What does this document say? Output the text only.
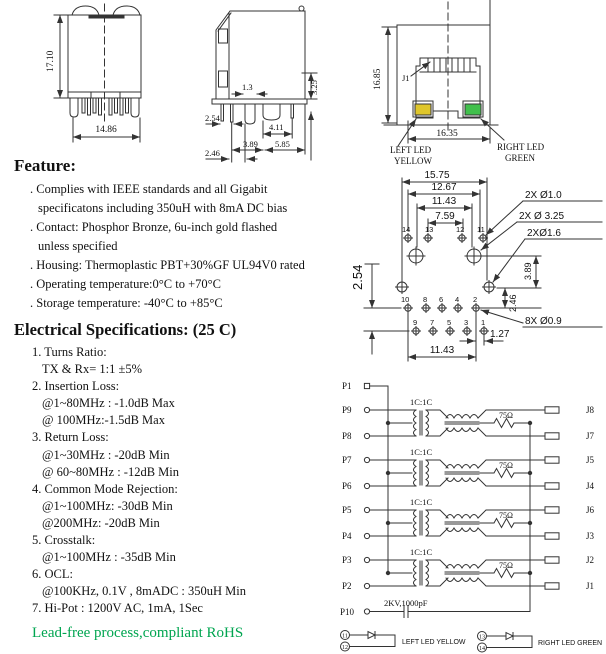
17.10
14.86
2.54
2.46
1.3	3.25
4.11
3.89 5.85
16.85
16.35
J1
LEFT LED
YELLOW
RIGHT LED
GREEN
Feature:
. Complies with IEEE standards and all Gigabit
specificatons including 350uH with 8mA DC bias
. Contact: Phosphor Bronze, 6u-inch gold flashed
unless specified
. Housing: Thermoplastic PBT+30%GF UL94V0 rated
. Operating temperature:0°C to +70°C
. Storage temperature: -40°C to +85°C
Electrical Specifications: (25 C)
1. Turns Ratio:
TX & Rx= 1:1 ±5%
2. Insertion Loss:
@1~80MHz : -1.0dB Max
@ 100MHz:-1.5dB Max
3. Return Loss:
@1~30MHz : -20dB Min
@ 60~80MHz : -12dB Min
4. Common Mode Rejection:
@1~100MHz: -30dB Min
@200MHz: -20dB Min
5. Crosstalk:
@1~100MHz : -35dB Min
6. OCL:
@100KHz, 0.1V , 8mADC : 350uH Min
7. Hi-Pot : 1200V AC, 1mA, 1Sec
Lead-free process,compliant RoHS
15.75
12.67
11.43
7.59
2X Ø1.0
2X Ø 3.25
2XØ1.6
8X Ø0.9
3.89
2.46
2.54
1.27
11.43
14 13	12 11
10 8 6 4 2
9 7 5 3 1
P1
P9
P8
P7
P6
P5
P4
P3
P2
P10
J8
J7
J5
J4
J6
J3
J2
J1
1C:1C
1C:1C
1C:1C
1C:1C
75Ω
75Ω
75Ω
75Ω
2KV,1000pF
11
12
13
14
LEFT LED YELLOW	RIGHT LED GREEN
